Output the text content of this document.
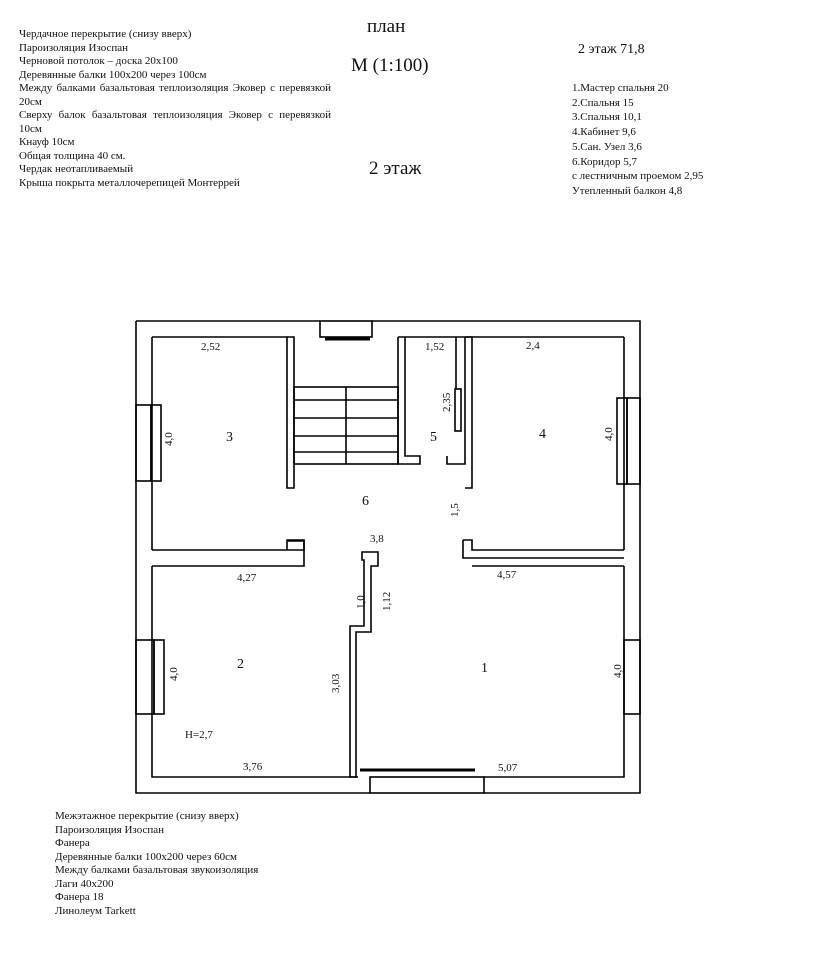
Чердачное перекрытие (снизу вверх)
Пароизоляция Изоспан
Черновой потолок – доска 20х100
Деревянные балки 100х200 через 100см
Между балками базальтовая теплоизоляция Эковер с перевязкой 20см
Сверху балок базальтовая теплоизоляция Эковер с перевязкой 10см
Кнауф 10см
Общая толщина 40 см.
Чердак неотапливаемый
Крыша покрыта металлочерепицей Монтеррей
план
М (1:100)
2 этаж
2 этаж 71,8
1.Мастер спальня 20
2.Спальня 15
3.Спальня 10,1
4.Кабинет 9,6
5.Сан. Узел 3,6
6.Коридор 5,7
с лестничным проемом 2,95
Утепленный балкон 4,8
3	5	4
6
2	1
2,52	1,52	2,4
3,8
4,27	4,57
3,76	5,07
H=2,7
4,0
2,35
4,0
1,5
1,0 1,12
3,03
4,0	4,0
Межэтажное перекрытие (снизу вверх)
Пароизоляция Изоспан
Фанера
Деревянные балки 100х200 через 60см
Между балками базальтовая звукоизоляция
Лаги 40х200
Фанера 18
Линолеум Tarkett
